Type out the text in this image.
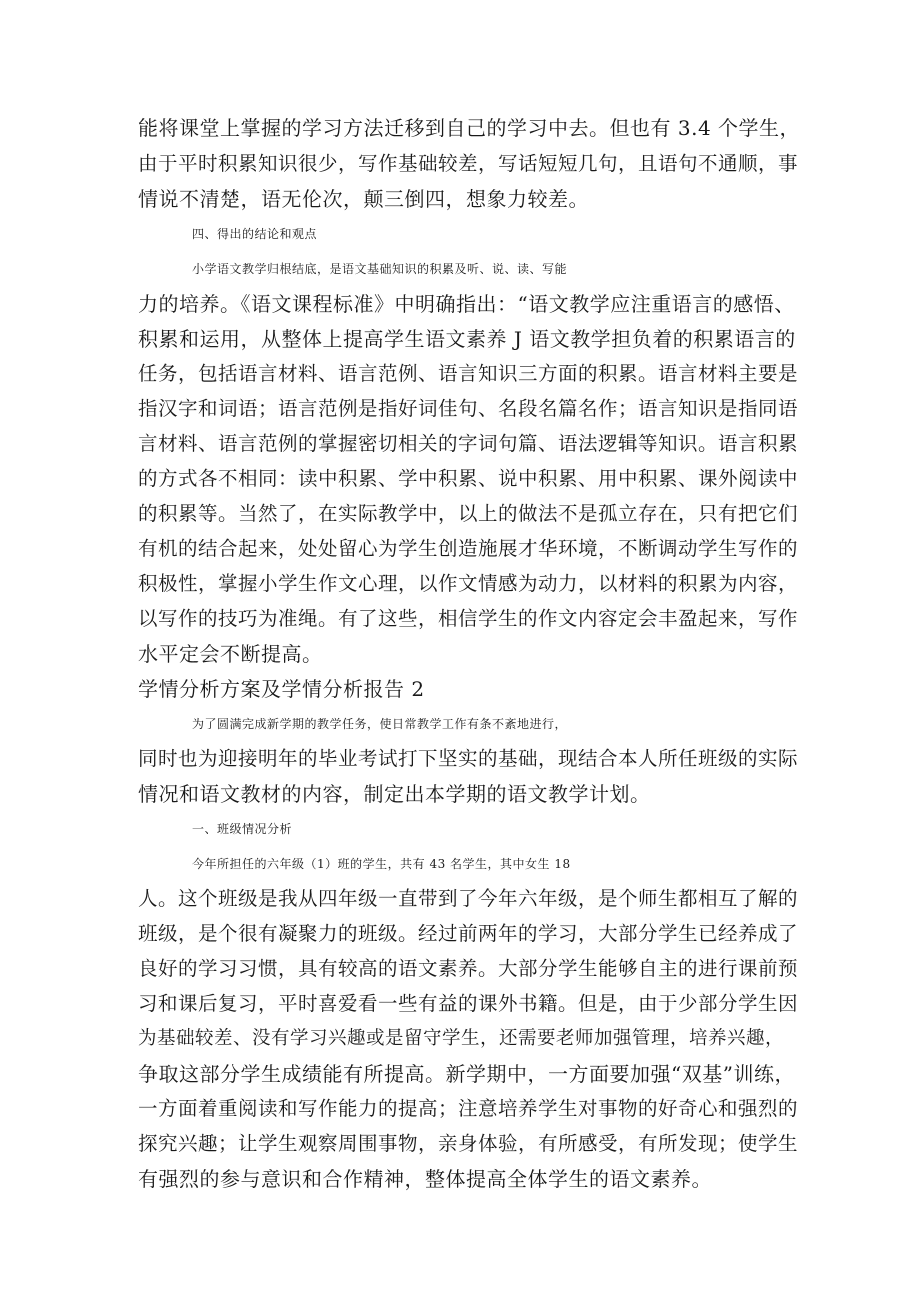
能将课堂上掌握的学习方法迁移到自己的学习中去。但也有 3.4 个学生，
由于平时积累知识很少，写作基础较差，写话短短几句，且语句不通顺，事
情说不清楚，语无伦次，颠三倒四，想象力较差。
四、得出的结论和观点
小学语文教学归根结底，是语文基础知识的积累及听、说、读、写能
力的培养。《语文课程标准》中明确指出：“语文教学应注重语言的感悟、
积累和运用，从整体上提高学生语文素养 J 语文教学担负着的积累语言的
任务，包括语言材料、语言范例、语言知识三方面的积累。语言材料主要是
指汉字和词语；语言范例是指好词佳句、名段名篇名作；语言知识是指同语
言材料、语言范例的掌握密切相关的字词句篇、语法逻辑等知识。语言积累
的方式各不相同：读中积累、学中积累、说中积累、用中积累、课外阅读中
的积累等。当然了，在实际教学中，以上的做法不是孤立存在，只有把它们
有机的结合起来，处处留心为学生创造施展才华环境，不断调动学生写作的
积极性，掌握小学生作文心理，以作文情感为动力，以材料的积累为内容，
以写作的技巧为准绳。有了这些，相信学生的作文内容定会丰盈起来，写作
水平定会不断提高。
学情分析方案及学情分析报告 2
为了圆满完成新学期的教学任务，使日常教学工作有条不紊地进行，
同时也为迎接明年的毕业考试打下坚实的基础，现结合本人所任班级的实际
情况和语文教材的内容，制定出本学期的语文教学计划。
一、班级情况分析
今年所担任的六年级（1）班的学生，共有 43 名学生，其中女生 18
人。这个班级是我从四年级一直带到了今年六年级，是个师生都相互了解的
班级，是个很有凝聚力的班级。经过前两年的学习，大部分学生已经养成了
良好的学习习惯，具有较高的语文素养。大部分学生能够自主的进行课前预
习和课后复习，平时喜爱看一些有益的课外书籍。但是，由于少部分学生因
为基础较差、没有学习兴趣或是留守学生，还需要老师加强管理，培养兴趣，
争取这部分学生成绩能有所提高。新学期中，一方面要加强“双基”训练，
一方面着重阅读和写作能力的提高；注意培养学生对事物的好奇心和强烈的
探究兴趣；让学生观察周围事物，亲身体验，有所感受，有所发现；使学生
有强烈的参与意识和合作精神，整体提高全体学生的语文素养。
